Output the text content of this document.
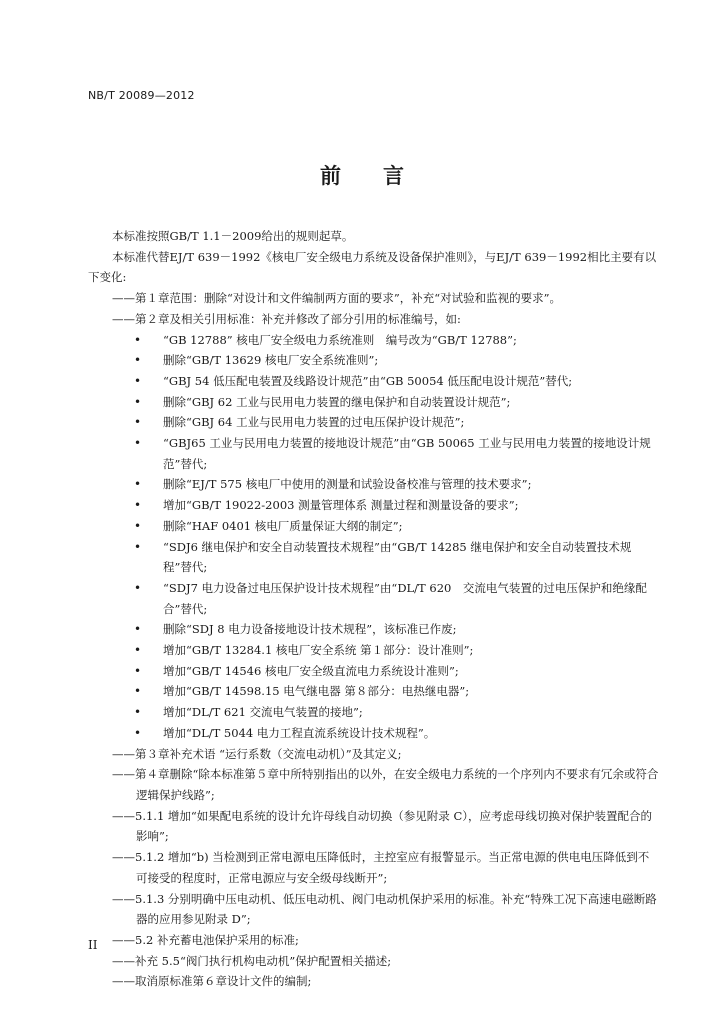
NB/T 20089—2012
前言

本标准按照GB/T 1.1－2009给出的规则起草。

本标准代替EJ/T 639－1992《核电厂安全级电力系统及设备保护准则》，与EJ/T 639－1992相比主要有以下变化:

——第１章范围：删除“对设计和文件编制两方面的要求”，补充“对试验和监视的要求”。

——第２章及相关引用标准：补充并修改了部分引用的标准编号，如:

• “GB 12788” 核电厂安全级电力系统准则　编号改为“GB/T 12788”;
• 删除“GB/T 13629 核电厂安全系统准则”;
• “GBJ 54 低压配电装置及线路设计规范”由“GB 50054 低压配电设计规范”替代;
• 删除“GBJ 62 工业与民用电力装置的继电保护和自动装置设计规范”;
• 删除“GBJ 64 工业与民用电力装置的过电压保护设计规范”;
• “GBJ65 工业与民用电力装置的接地设计规范”由“GB 50065 工业与民用电力装置的接地设计规范”替代;
• 删除“EJ/T 575 核电厂中使用的测量和试验设备校准与管理的技术要求”;
• 增加“GB/T 19022-2003 测量管理体系 测量过程和测量设备的要求”;
• 删除“HAF 0401 核电厂质量保证大纲的制定”;
• “SDJ6 继电保护和安全自动装置技术规程”由“GB/T 14285 继电保护和安全自动装置技术规程”替代;
• “SDJ7 电力设备过电压保护设计技术规程”由“DL/T 620　交流电气装置的过电压保护和绝缘配合”替代;
• 删除“SDJ 8 电力设备接地设计技术规程”，该标准已作废;
• 增加“GB/T 13284.1 核电厂安全系统 第１部分：设计准则”;
• 增加“GB/T 14546 核电厂安全级直流电力系统设计准则”;
• 增加“GB/T 14598.15 电气继电器 第８部分：电热继电器”;
• 增加“DL/T 621 交流电气装置的接地”;
• 增加“DL/T 5044 电力工程直流系统设计技术规程”。

——第３章补充术语 “运行系数（交流电动机）”及其定义;

——第４章删除“除本标准第５章中所特别指出的以外，在安全级电力系统的一个序列内不要求有冗余或符合逻辑保护线路”;

——5.1.1 增加“如果配电系统的设计允许母线自动切换（参见附录 C），应考虑母线切换对保护装置配合的影响”;

——5.1.2 增加“b) 当检测到正常电源电压降低时，主控室应有报警显示。当正常电源的供电电压降低到不可接受的程度时，正常电源应与安全级母线断开”;

——5.1.3 分别明确中压电动机、低压电动机、阀门电动机保护采用的标准。补充“特殊工况下高速电磁断路器的应用参见附录 D”;

——5.2 补充蓄电池保护采用的标准;

——补充 5.5“阀门执行机构电动机”保护配置相关描述;

——取消原标准第６章设计文件的编制;

II
